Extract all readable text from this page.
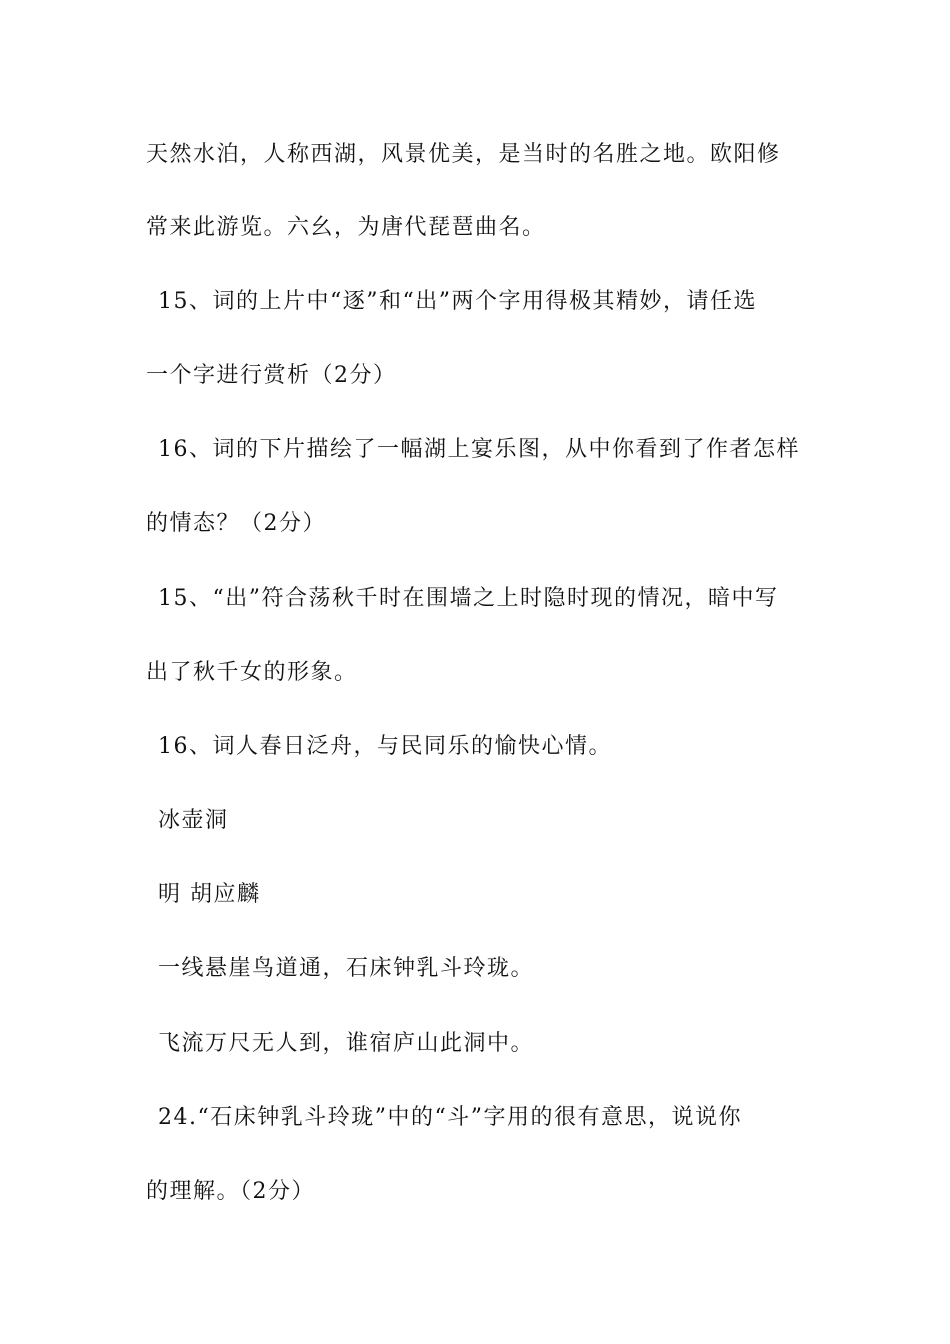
天然水泊，人称西湖，风景优美，是当时的名胜之地。欧阳修
常来此游览。六幺，为唐代琵琶曲名。
15、词的上片中“逐”和“出”两个字用得极其精妙，请任选
一个字进行赏析（2分）
16、词的下片描绘了一幅湖上宴乐图，从中你看到了作者怎样
的情态？（2分）
15、“出”符合荡秋千时在围墙之上时隐时现的情况，暗中写
出了秋千女的形象。
16、词人春日泛舟，与民同乐的愉快心情。
冰壶洞
明 胡应麟
一线悬崖鸟道通，石床钟乳斗玲珑。
飞流万尺无人到，谁宿庐山此洞中。
24.“石床钟乳斗玲珑”中的“斗”字用的很有意思，说说你
的理解。（2分）
